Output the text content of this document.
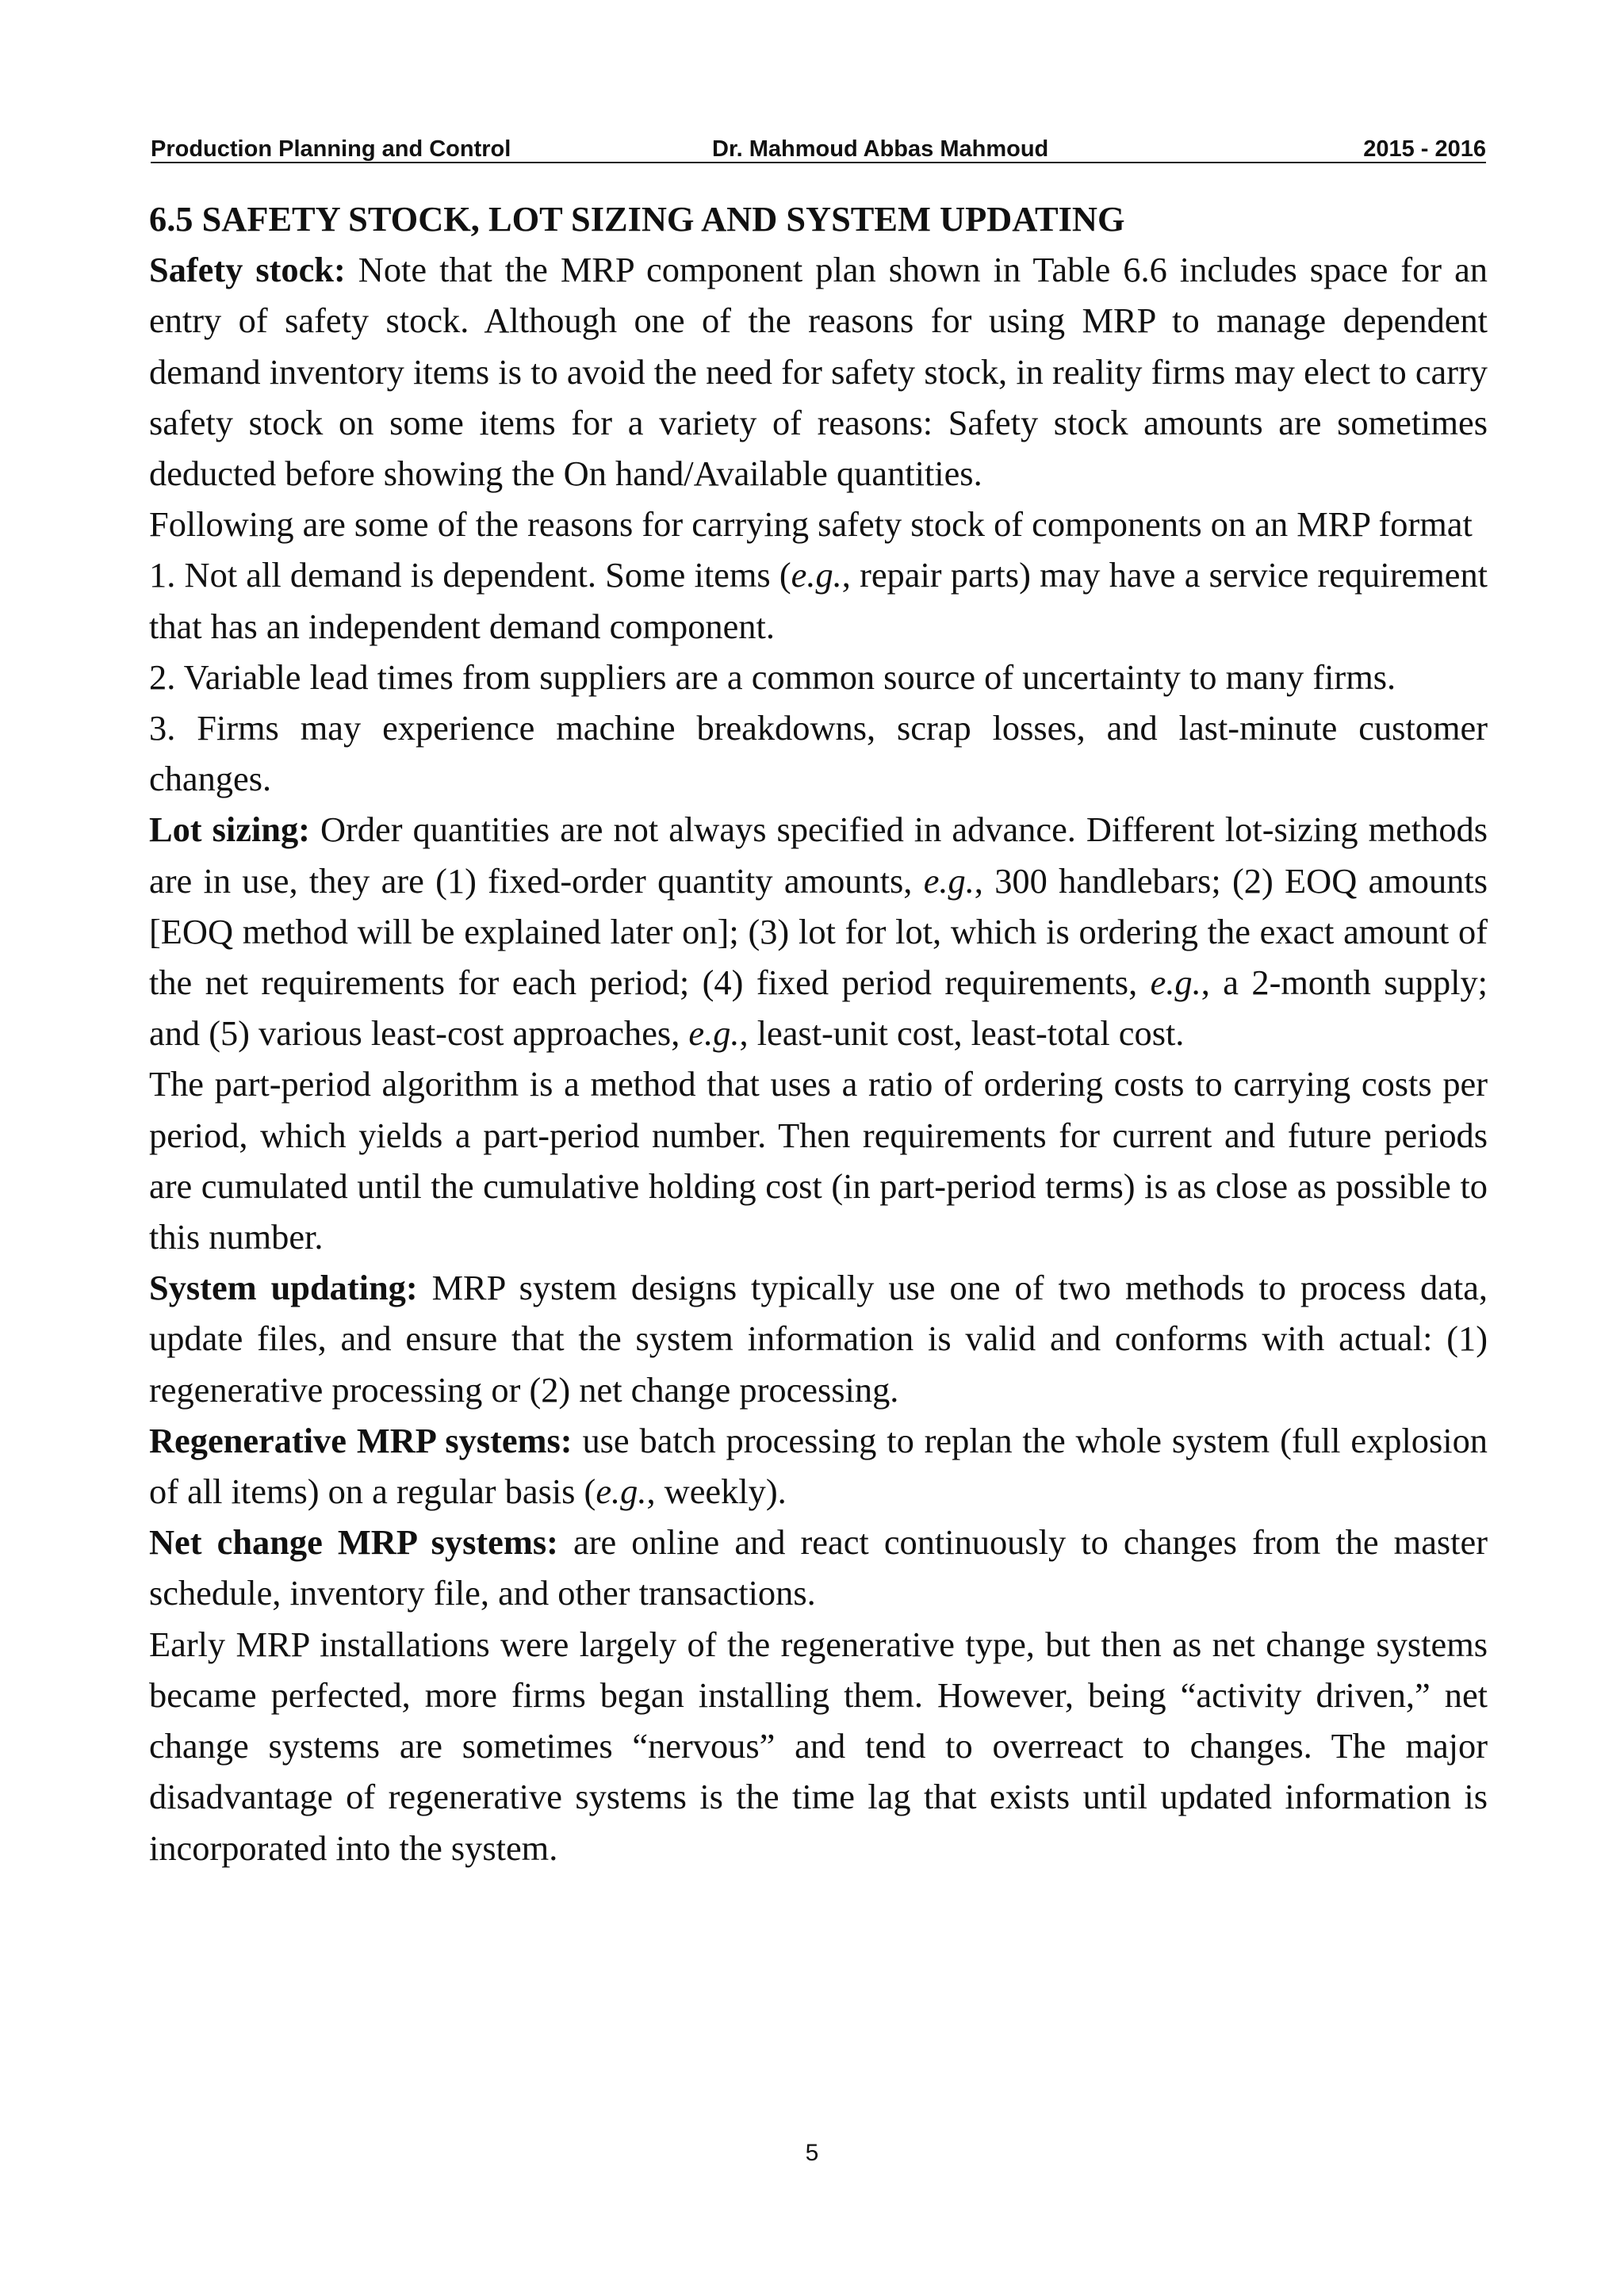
Production Planning and Control	Dr. Mahmoud Abbas Mahmoud	2015 - 2016

6.5 SAFETY STOCK, LOT SIZING AND SYSTEM UPDATING

Safety stock: Note that the MRP component plan shown in Table 6.6 includes space for an entry of safety stock. Although one of the reasons for using MRP to manage dependent demand inventory items is to avoid the need for safety stock, in reality firms may elect to carry safety stock on some items for a variety of reasons: Safety stock amounts are sometimes deducted before showing the On hand/Available quantities.

Following are some of the reasons for carrying safety stock of components on an MRP format

1. Not all demand is dependent. Some items (e.g., repair parts) may have a service requirement that has an independent demand component.

2. Variable lead times from suppliers are a common source of uncertainty to many firms.

3. Firms may experience machine breakdowns, scrap losses, and last-minute customer changes.

Lot sizing: Order quantities are not always specified in advance. Different lot-sizing methods are in use, they are (1) fixed-order quantity amounts, e.g., 300 handlebars; (2) EOQ amounts [EOQ method will be explained later on]; (3) lot for lot, which is ordering the exact amount of the net requirements for each period; (4) fixed period requirements, e.g., a 2-month supply; and (5) various least-cost approaches, e.g., least-unit cost, least-total cost.

The part-period algorithm is a method that uses a ratio of ordering costs to carrying costs per period, which yields a part-period number. Then requirements for current and future periods are cumulated until the cumulative holding cost (in part-period terms) is as close as possible to this number.

System updating: MRP system designs typically use one of two methods to process data, update files, and ensure that the system information is valid and conforms with actual: (1) regenerative processing or (2) net change processing.

Regenerative MRP systems: use batch processing to replan the whole system (full explosion of all items) on a regular basis (e.g., weekly).

Net change MRP systems: are online and react continuously to changes from the master schedule, inventory file, and other transactions.

Early MRP installations were largely of the regenerative type, but then as net change systems became perfected, more firms began installing them. However, being “activity driven,” net change systems are sometimes “nervous” and tend to overreact to changes. The major disadvantage of regenerative systems is the time lag that exists until updated information is incorporated into the system.

5
